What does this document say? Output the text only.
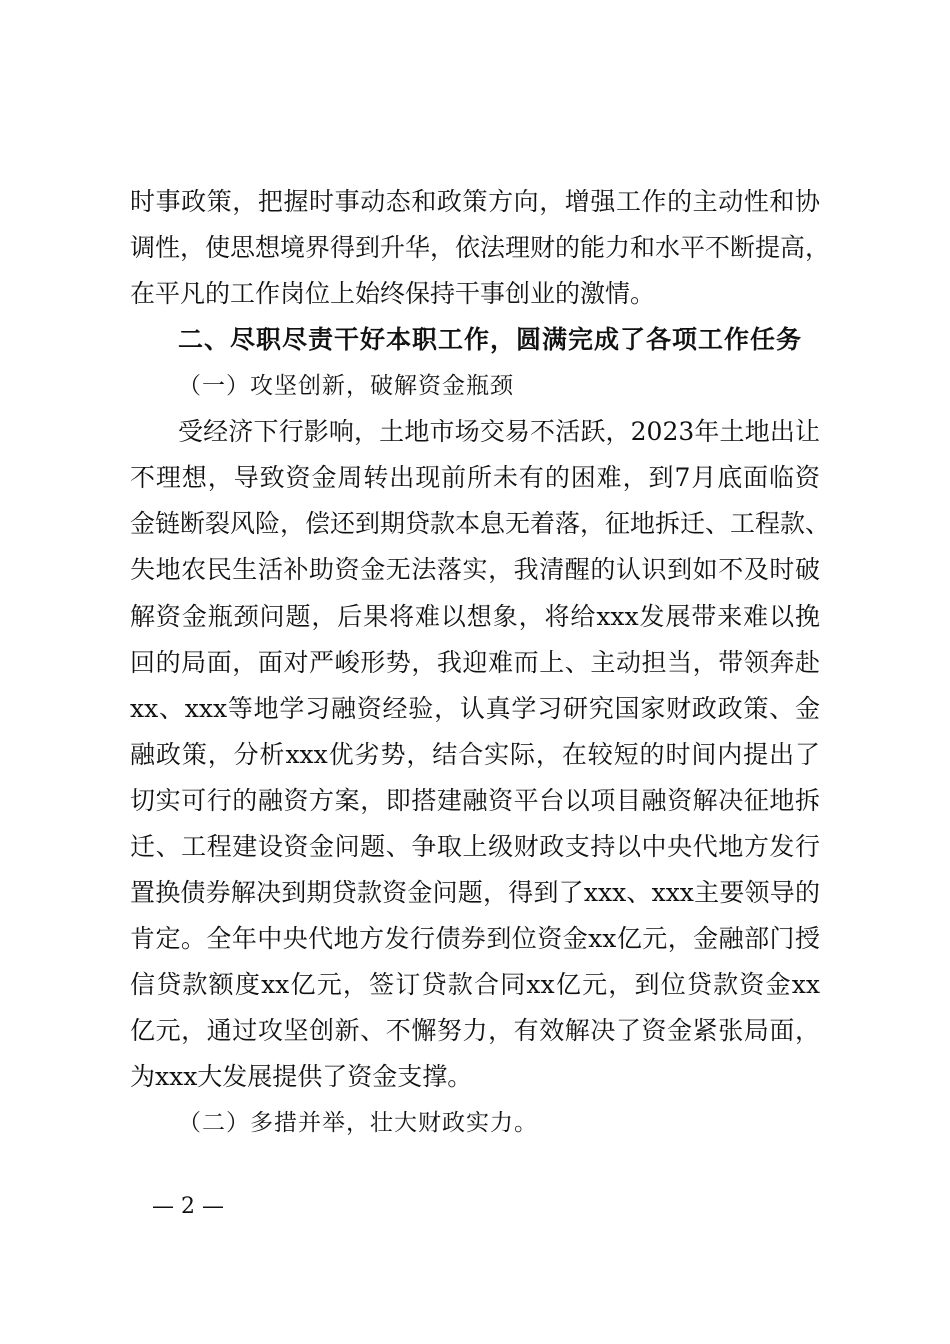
时事政策，把握时事动态和政策方向，增强工作的主动性和协
调性，使思想境界得到升华，依法理财的能力和水平不断提高，
在平凡的工作岗位上始终保持干事创业的激情。
二、尽职尽责干好本职工作，圆满完成了各项工作任务
（一）攻坚创新，破解资金瓶颈
受经济下行影响，土地市场交易不活跃，2023年土地出让
不理想，导致资金周转出现前所未有的困难，到7月底面临资
金链断裂风险，偿还到期贷款本息无着落，征地拆迁、工程款、
失地农民生活补助资金无法落实，我清醒的认识到如不及时破
解资金瓶颈问题，后果将难以想象，将给xxx发展带来难以挽
回的局面，面对严峻形势，我迎难而上、主动担当，带领奔赴
xx、xxx等地学习融资经验，认真学习研究国家财政政策、金
融政策，分析xxx优劣势，结合实际，在较短的时间内提出了
切实可行的融资方案，即搭建融资平台以项目融资解决征地拆
迁、工程建设资金问题、争取上级财政支持以中央代地方发行
置换债券解决到期贷款资金问题，得到了xxx、xxx主要领导的
肯定。全年中央代地方发行债券到位资金xx亿元，金融部门授
信贷款额度xx亿元，签订贷款合同xx亿元，到位贷款资金xx
亿元，通过攻坚创新、不懈努力，有效解决了资金紧张局面，
为xxx大发展提供了资金支撑。
（二）多措并举，壮大财政实力。
— 2 —
